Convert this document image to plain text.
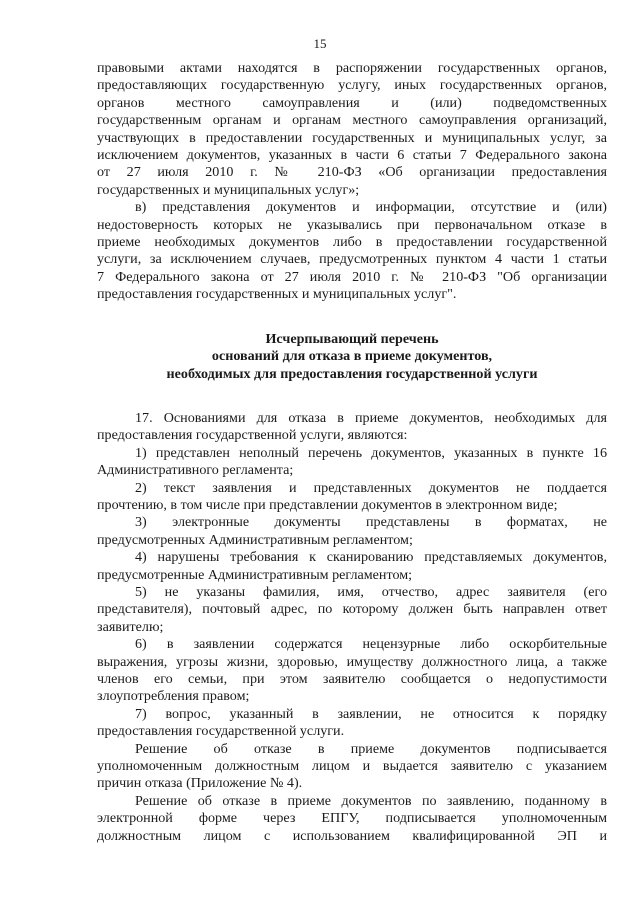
15
правовыми актами находятся в распоряжении государственных органов,
предоставляющих государственную услугу, иных государственных органов,
органов местного самоуправления и (или) подведомственных
государственным органам и органам местного самоуправления организаций,
участвующих в предоставлении государственных и муниципальных услуг, за
исключением документов, указанных в части 6 статьи 7 Федерального закона
от 27 июля 2010 г. № 210-ФЗ «Об организации предоставления
государственных и муниципальных услуг»;
в) представления документов и информации, отсутствие и (или)
недостоверность которых не указывались при первоначальном отказе в
приеме необходимых документов либо в предоставлении государственной
услуги, за исключением случаев, предусмотренных пунктом 4 части 1 статьи
7 Федерального закона от 27 июля 2010 г. № 210-ФЗ "Об организации
предоставления государственных и муниципальных услуг".
Исчерпывающий перечень
оснований для отказа в приеме документов,
необходимых для предоставления государственной услуги
17. Основаниями для отказа в приеме документов, необходимых для
предоставления государственной услуги, являются:
1) представлен неполный перечень документов, указанных в пункте 16
Административного регламента;
2) текст заявления и представленных документов не поддается
прочтению, в том числе при представлении документов в электронном виде;
3) электронные документы представлены в форматах, не
предусмотренных Административным регламентом;
4) нарушены требования к сканированию представляемых документов,
предусмотренные Административным регламентом;
5) не указаны фамилия, имя, отчество, адрес заявителя (его
представителя), почтовый адрес, по которому должен быть направлен ответ
заявителю;
6) в заявлении содержатся нецензурные либо оскорбительные
выражения, угрозы жизни, здоровью, имуществу должностного лица, а также
членов его семьи, при этом заявителю сообщается о недопустимости
злоупотребления правом;
7) вопрос, указанный в заявлении, не относится к порядку
предоставления государственной услуги.
Решение об отказе в приеме документов подписывается
уполномоченным должностным лицом и выдается заявителю с указанием
причин отказа (Приложение № 4).
Решение об отказе в приеме документов по заявлению, поданному в
электронной форме через ЕПГУ, подписывается уполномоченным
должностным лицом с использованием квалифицированной ЭП и
